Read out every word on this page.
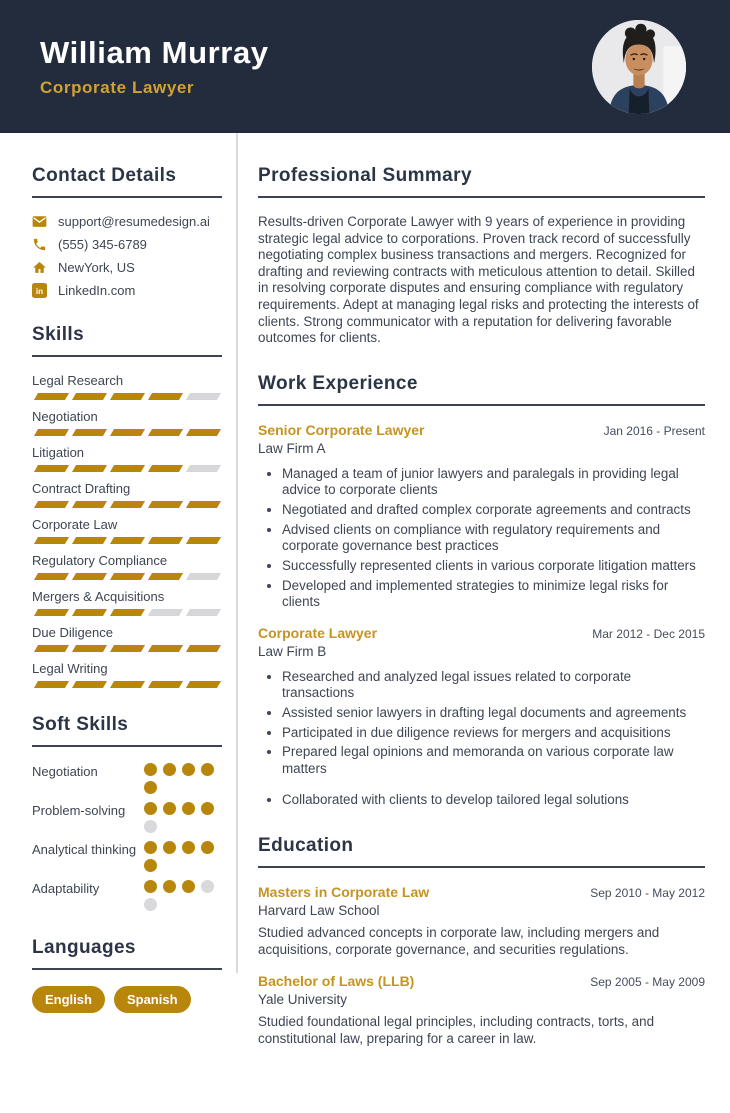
William Murray
Corporate Lawyer
Contact Details
support@resumedesign.ai
(555) 345-6789
NewYork, US
in LinkedIn.com
Skills
Legal Research
Negotiation
Litigation
Contract Drafting
Corporate Law
Regulatory Compliance
Mergers & Acquisitions
Due Diligence
Legal Writing
Soft Skills
Negotiation
Problem-solving
Analytical thinking
Adaptability
Languages
English	Spanish
Professional Summary

Results-driven Corporate Lawyer with 9 years of experience in providing strategic legal advice to corporations. Proven track record of successfully negotiating complex business transactions and mergers. Recognized for drafting and reviewing contracts with meticulous attention to detail. Skilled in resolving corporate disputes and ensuring compliance with regulatory requirements. Adept at managing legal risks and protecting the interests of clients. Strong communicator with a reputation for delivering favorable outcomes for clients.

Work Experience
Senior Corporate Lawyer	Jan 2016 - Present
Law Firm A
• Managed a team of junior lawyers and paralegals in providing legal advice to corporate clients
• Negotiated and drafted complex corporate agreements and contracts
• Advised clients on compliance with regulatory requirements and corporate governance best practices
• Successfully represented clients in various corporate litigation matters
• Developed and implemented strategies to minimize legal risks for clients
Corporate Lawyer	Mar 2012 - Dec 2015
Law Firm B
• Researched and analyzed legal issues related to corporate transactions
• Assisted senior lawyers in drafting legal documents and agreements
• Participated in due diligence reviews for mergers and acquisitions
• Prepared legal opinions and memoranda on various corporate law matters
• Collaborated with clients to develop tailored legal solutions
Education
Masters in Corporate Law	Sep 2010 - May 2012
Harvard Law School

Studied advanced concepts in corporate law, including mergers and acquisitions, corporate governance, and securities regulations.

Bachelor of Laws (LLB)	Sep 2005 - May 2009
Yale University

Studied foundational legal principles, including contracts, torts, and constitutional law, preparing for a career in law.
